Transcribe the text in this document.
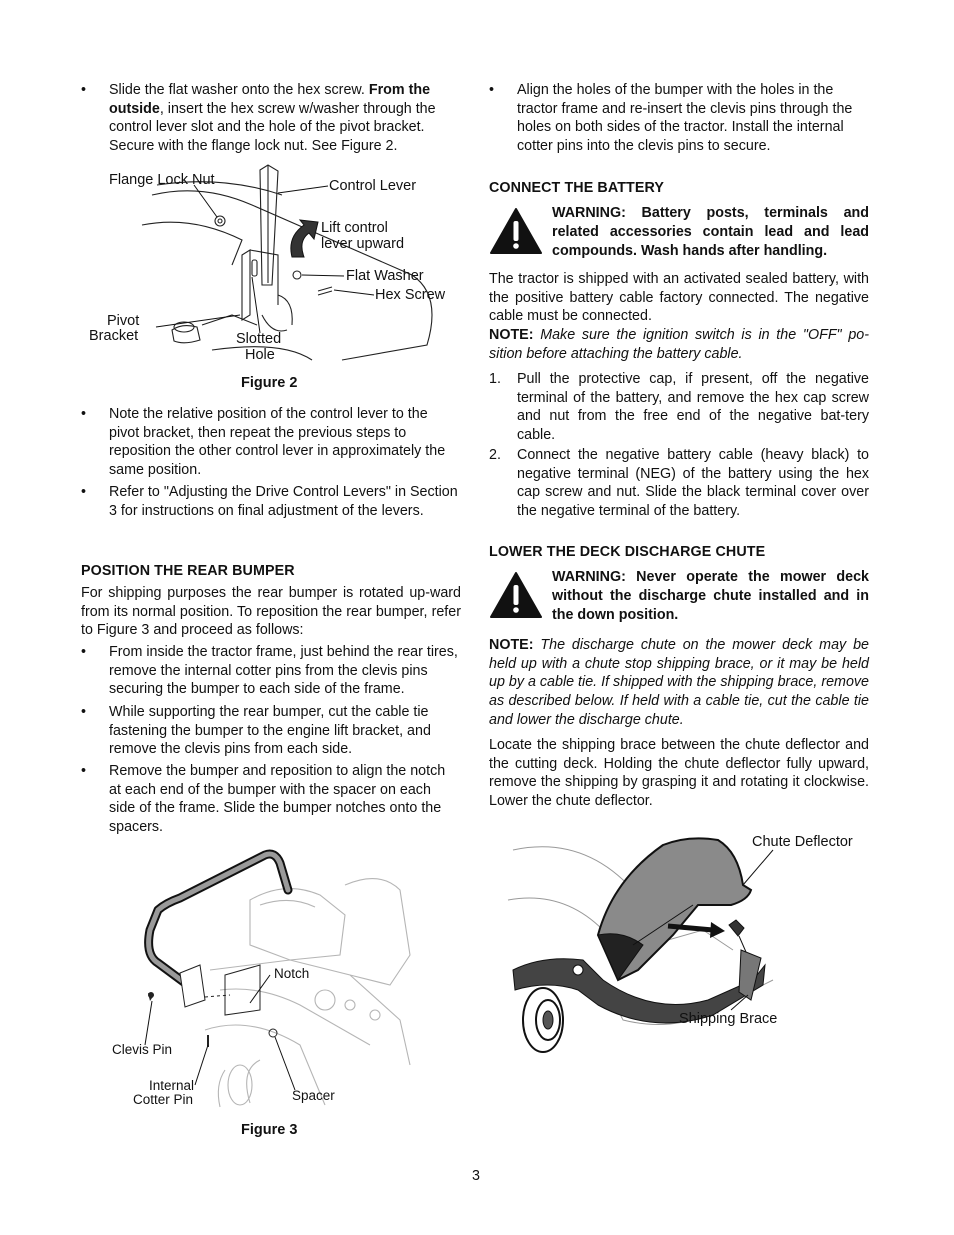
• Slide the flat washer onto the hex screw. From the outside, insert the hex screw w/washer through the control lever slot and the hole of the pivot bracket. Secure with the flange lock nut. See Figure 2.
Flange Lock Nut	Control Lever
Lift control
lever upward
Flat Washer
Hex Screw
Pivot
Bracket	Slotted
Hole
Figure 2
• Note the relative position of the control lever to the pivot bracket, then repeat the previous steps to reposition the other control lever in approximately the same position.
• Refer to "Adjusting the Drive Control Levers" in Section 3 for instructions on final adjustment of the levers.
POSITION THE REAR BUMPER
For shipping purposes the rear bumper is rotated up-ward from its normal position. To reposition the rear bumper, refer to Figure 3 and proceed as follows:
• From inside the tractor frame, just behind the rear tires, remove the internal cotter pins from the clevis pins securing the bumper to each side of the frame.
• While supporting the rear bumper, cut the cable tie fastening the bumper to the engine lift bracket, and remove the clevis pins from each side.
• Remove the bumper and reposition to align the notch at each end of the bumper with the spacer on each side of the frame. Slide the bumper notches onto the spacers.
Notch
Clevis Pin
Internal
Cotter Pin	Spacer
Figure 3
• Align the holes of the bumper with the holes in the tractor frame and re-insert the clevis pins through the holes on both sides of the tractor. Install the internal cotter pins into the clevis pins to secure.
CONNECT THE BATTERY
WARNING: Battery posts, terminals and related accessories contain lead and lead compounds. Wash hands after handling.
The tractor is shipped with an activated sealed battery, with the positive battery cable factory connected. The negative cable must be connected.
NOTE: Make sure the ignition switch is in the "OFF" po-sition before attaching the battery cable.
1. Pull the protective cap, if present, off the negative terminal of the battery, and remove the hex cap screw and nut from the free end of the negative bat-tery cable.
2. Connect the negative battery cable (heavy black) to negative terminal (NEG) of the battery using the hex cap screw and nut. Slide the black terminal cover over the negative terminal of the battery.
LOWER THE DECK DISCHARGE CHUTE
WARNING: Never operate the mower deck without the discharge chute installed and in the down position.
NOTE: The discharge chute on the mower deck may be held up with a chute stop shipping brace, or it may be held up by a cable tie. If shipped with the shipping brace, remove as described below. If held with a cable tie, cut the cable tie and lower the discharge chute.
Locate the shipping brace between the chute deflector and the cutting deck. Holding the chute deflector fully upward, remove the shipping by grasping it and rotating it clockwise. Lower the chute deflector.
Chute Deflector
Shipping Brace
3
